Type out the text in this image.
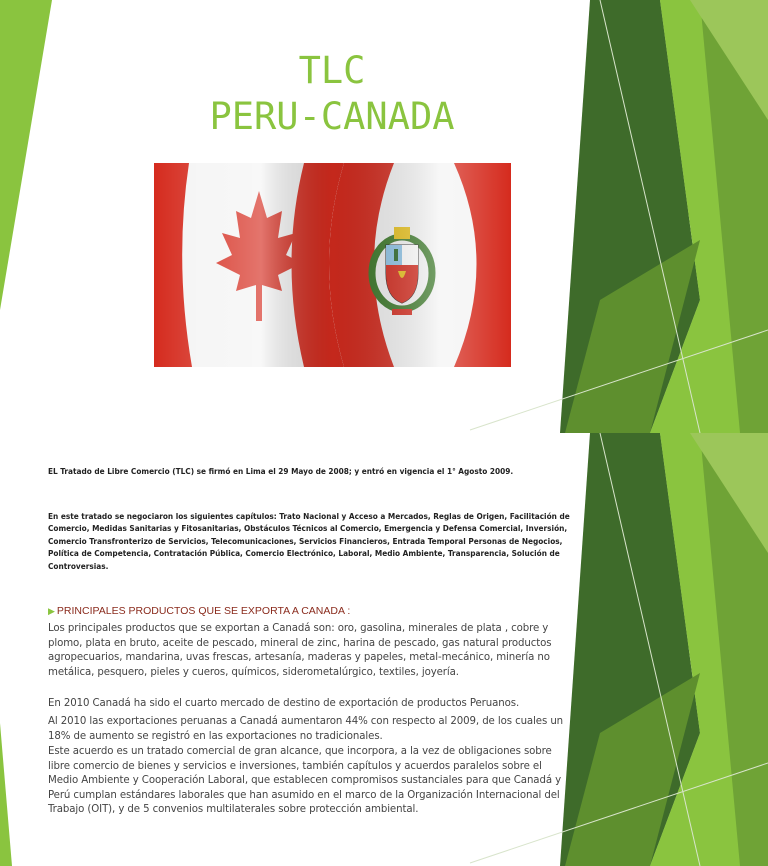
TLC
PERU-CANADA
EL Tratado de Libre Comercio (TLC) se firmó en Lima el 29 Mayo de 2008; y entró en vigencia el 1° Agosto 2009.
En este tratado se negociaron los siguientes capítulos: Trato Nacional y Acceso a Mercados, Reglas de Origen, Facilitación de Comercio, Medidas Sanitarias y Fitosanitarias, Obstáculos Técnicos al Comercio, Emergencia y Defensa Comercial, Inversión, Comercio Transfronterizo de Servicios, Telecomunicaciones, Servicios Financieros, Entrada Temporal Personas de Negocios, Política de Competencia, Contratación Pública, Comercio Electrónico, Laboral, Medio Ambiente, Transparencia, Solución de Controversias.
▶ PRINCIPALES PRODUCTOS QUE SE EXPORTA A CANADA :
Los principales productos que se exportan a Canadá son: oro, gasolina, minerales de plata , cobre y plomo, plata en bruto, aceite de pescado, mineral de zinc, harina de pescado, gas natural productos agropecuarios, mandarina, uvas frescas, artesanía, maderas y papeles, metal-mecánico, minería no metálica, pesquero, pieles y cueros, químicos, siderometalúrgico, textiles, joyería.
En 2010 Canadá ha sido el cuarto mercado de destino de exportación de productos Peruanos.
Al 2010 las exportaciones peruanas a Canadá aumentaron 44% con respecto al 2009, de los cuales un 18% de aumento se registró en las exportaciones no tradicionales.
Este acuerdo es un tratado comercial de gran alcance, que incorpora, a la vez de obligaciones sobre libre comercio de bienes y servicios e inversiones, también capítulos y acuerdos paralelos sobre el Medio Ambiente y Cooperación Laboral, que establecen compromisos sustanciales para que Canadá y Perú cumplan estándares laborales que han asumido en el marco de la Organización Internacional del Trabajo (OIT), y de 5 convenios multilaterales sobre protección ambiental.
